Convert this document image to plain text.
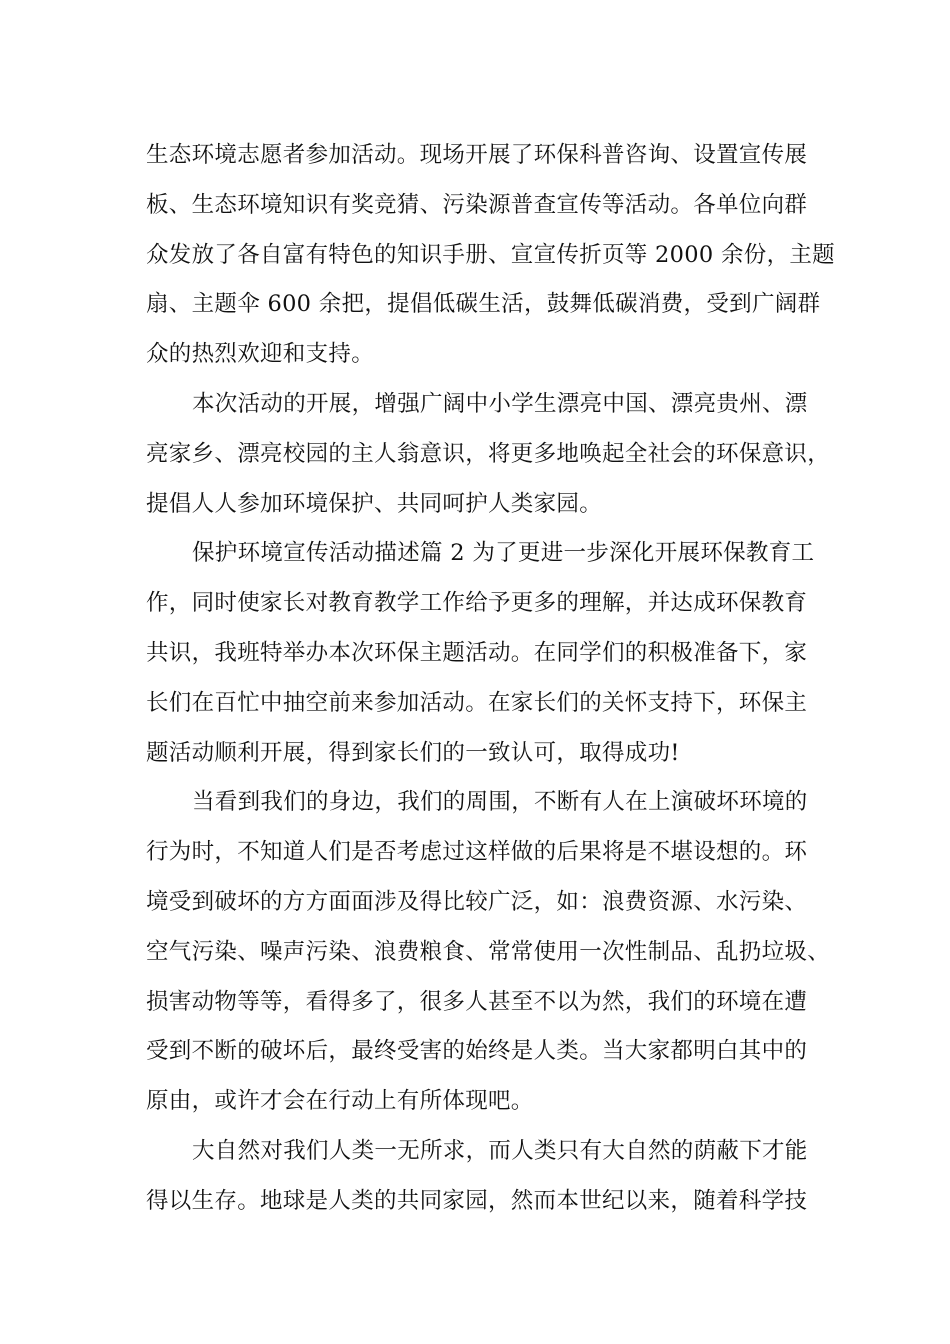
生态环境志愿者参加活动。现场开展了环保科普咨询、设置宣传展
板、生态环境知识有奖竞猜、污染源普查宣传等活动。各单位向群
众发放了各自富有特色的知识手册、宣宣传折页等 2000 余份，主题
扇、主题伞 600 余把，提倡低碳生活，鼓舞低碳消费，受到广阔群
众的热烈欢迎和支持。
本次活动的开展，增强广阔中小学生漂亮中国、漂亮贵州、漂
亮家乡、漂亮校园的主人翁意识，将更多地唤起全社会的环保意识，
提倡人人参加环境保护、共同呵护人类家园。
保护环境宣传活动描述篇 2 为了更进一步深化开展环保教育工
作，同时使家长对教育教学工作给予更多的理解，并达成环保教育
共识，我班特举办本次环保主题活动。在同学们的积极准备下，家
长们在百忙中抽空前来参加活动。在家长们的关怀支持下，环保主
题活动顺利开展，得到家长们的一致认可，取得成功!
当看到我们的身边，我们的周围，不断有人在上演破坏环境的
行为时，不知道人们是否考虑过这样做的后果将是不堪设想的。环
境受到破坏的方方面面涉及得比较广泛，如：浪费资源、水污染、
空气污染、噪声污染、浪费粮食、常常使用一次性制品、乱扔垃圾、
损害动物等等，看得多了，很多人甚至不以为然，我们的环境在遭
受到不断的破坏后，最终受害的始终是人类。当大家都明白其中的
原由，或许才会在行动上有所体现吧。
大自然对我们人类一无所求，而人类只有大自然的荫蔽下才能
得以生存。地球是人类的共同家园，然而本世纪以来，随着科学技
